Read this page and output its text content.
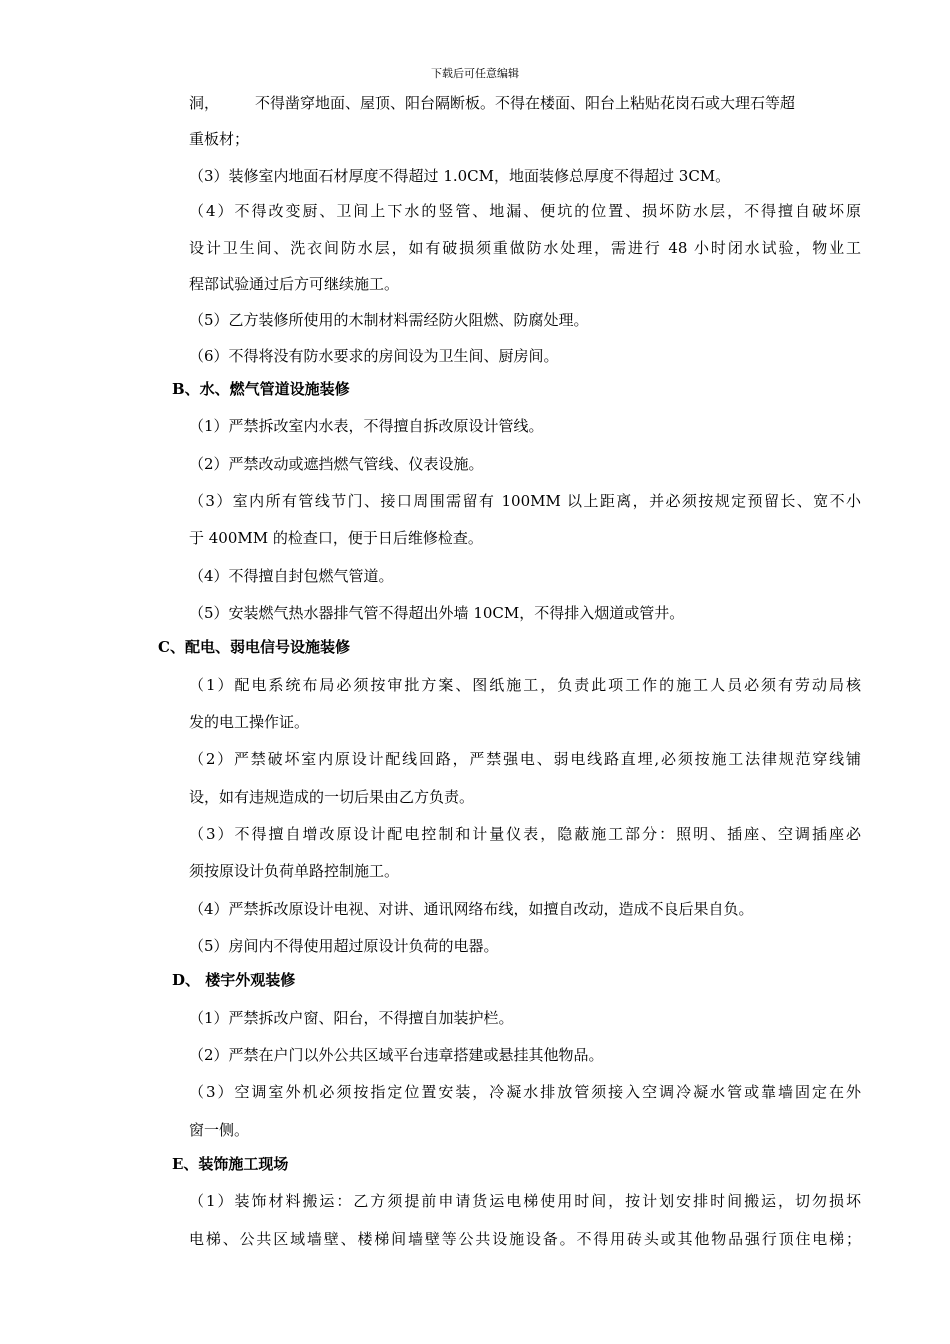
下载后可任意编辑
洞， 不得凿穿地面、屋顶、阳台隔断板。不得在楼面、阳台上粘贴花岗石或大理石等超
重板材；
（3）装修室内地面石材厚度不得超过 1.0CM，地面装修总厚度不得超过 3CM。
（4）不得改变厨、卫间上下水的竖管、地漏、便坑的位置、损坏防水层，不得擅自破坏原
设计卫生间、洗衣间防水层，如有破损须重做防水处理，需进行 48 小时闭水试验，物业工
程部试验通过后方可继续施工。
（5）乙方装修所使用的木制材料需经防火阻燃、防腐处理。
（6）不得将没有防水要求的房间设为卫生间、厨房间。
B、水、燃气管道设施装修
（1）严禁拆改室内水表，不得擅自拆改原设计管线。
（2）严禁改动或遮挡燃气管线、仪表设施。
（3）室内所有管线节门、接口周围需留有 100MM 以上距离，并必须按规定预留长、宽不小
于 400MM 的检查口，便于日后维修检查。
（4）不得擅自封包燃气管道。
（5）安装燃气热水器排气管不得超出外墙 10CM，不得排入烟道或管井。
C、配电、弱电信号设施装修
（1）配电系统布局必须按审批方案、图纸施工，负责此项工作的施工人员必须有劳动局核
发的电工操作证。
（2）严禁破坏室内原设计配线回路，严禁强电、弱电线路直埋,必须按施工法律规范穿线铺
设，如有违规造成的一切后果由乙方负责。
（3）不得擅自增改原设计配电控制和计量仪表，隐蔽施工部分：照明、插座、空调插座必
须按原设计负荷单路控制施工。
（4）严禁拆改原设计电视、对讲、通讯网络布线，如擅自改动，造成不良后果自负。
（5）房间内不得使用超过原设计负荷的电器。
D、 楼宇外观装修
（1）严禁拆改户窗、阳台，不得擅自加装护栏。
（2）严禁在户门以外公共区域平台违章搭建或悬挂其他物品。
（3）空调室外机必须按指定位置安装，冷凝水排放管须接入空调冷凝水管或靠墙固定在外
窗一侧。
E、装饰施工现场
（1）装饰材料搬运：乙方须提前申请货运电梯使用时间，按计划安排时间搬运，切勿损坏
电梯、公共区域墙壁、楼梯间墙壁等公共设施设备。不得用砖头或其他物品强行顶住电梯；
